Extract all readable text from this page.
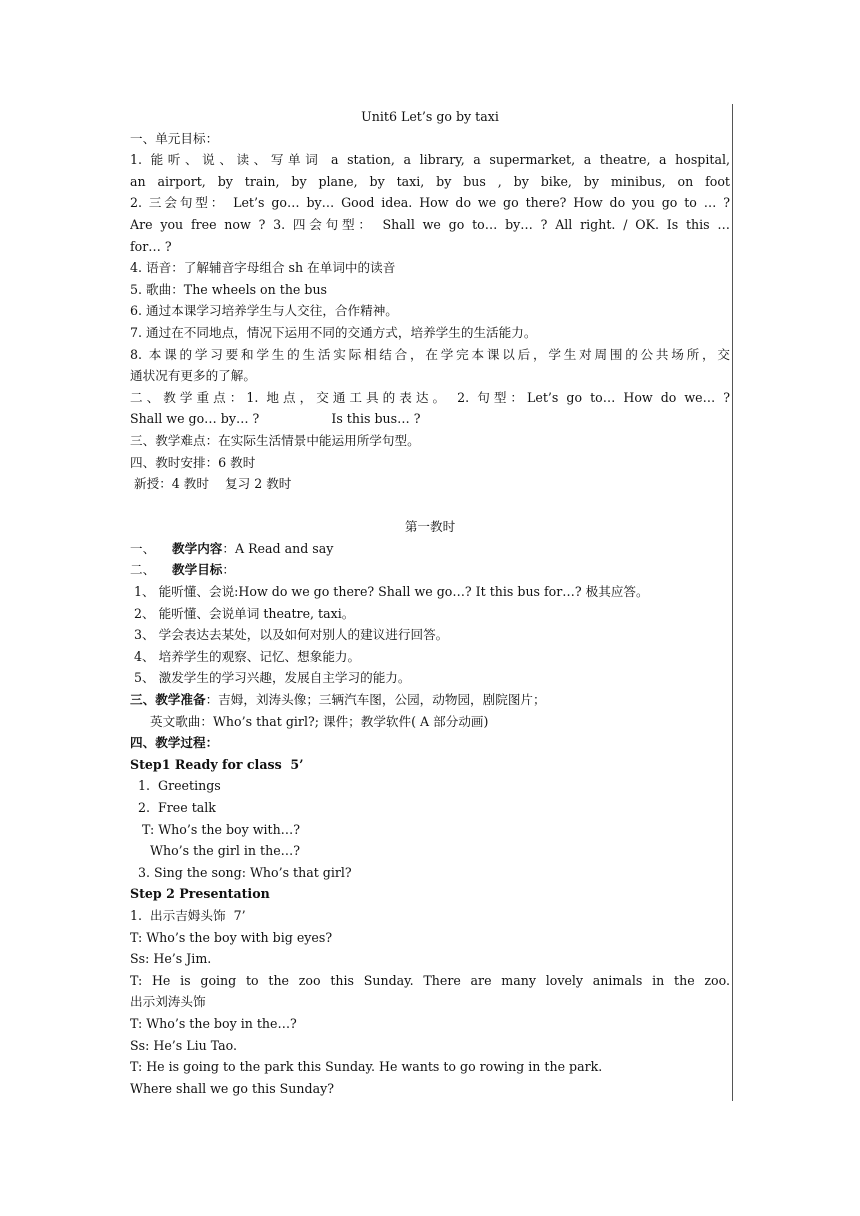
Unit6 Let’s go by taxi
一、单元目标：
1. 能听、说、读、写单词 a station, a library, a supermarket, a theatre, a hospital,
an airport, by train, by plane, by taxi, by bus , by bike, by minibus, on foot
2. 三会句型： Let’s go… by… Good idea. How do we go there? How do you go to … ?
Are you free now ? 3. 四会句型： Shall we go to… by… ? All right. / OK. Is this …
for… ?
4. 语音：了解辅音字母组合 sh 在单词中的读音
5. 歌曲：The wheels on the bus
6. 通过本课学习培养学生与人交往，合作精神。
7. 通过在不同地点，情况下运用不同的交通方式，培养学生的生活能力。
8. 本课的学习要和学生的生活实际相结合，在学完本课以后，学生对周围的公共场所，交
通状况有更多的了解。
二、教学重点：1. 地点，交通工具的表达。 2. 句型：Let’s go to… How do we… ?
Shall we go… by… ?                  Is this bus… ?
三、教学难点：在实际生活情景中能运用所学句型。
四、教时安排：6 教时
新授：4 教时    复习 2 教时
第一教时
一、 教学内容：A Read and say
二、 教学目标：
1、 能听懂、会说:How do we go there? Shall we go…? It this bus for…? 极其应答。
2、 能听懂、会说单词 theatre, taxi。
3、 学会表达去某处，以及如何对别人的建议进行回答。
4、 培养学生的观察、记忆、想象能力。
5、 激发学生的学习兴趣，发展自主学习的能力。
三、教学准备：吉姆，刘涛头像；三辆汽车图，公园，动物园，剧院图片；
英文歌曲：Who’s that girl?; 课件；教学软件( A 部分动画)
四、教学过程：
Step1 Ready for class  5’
1.  Greetings
2.  Free talk
T: Who’s the boy with…?
Who’s the girl in the…?
3. Sing the song: Who’s that girl?
Step 2 Presentation
1.  出示吉姆头饰  7’
T: Who’s the boy with big eyes?
Ss: He’s Jim.
T: He is going to the zoo this Sunday. There are many lovely animals in the zoo.
出示刘涛头饰
T: Who’s the boy in the…?
Ss: He’s Liu Tao.
T: He is going to the park this Sunday. He wants to go rowing in the park.
Where shall we go this Sunday?
